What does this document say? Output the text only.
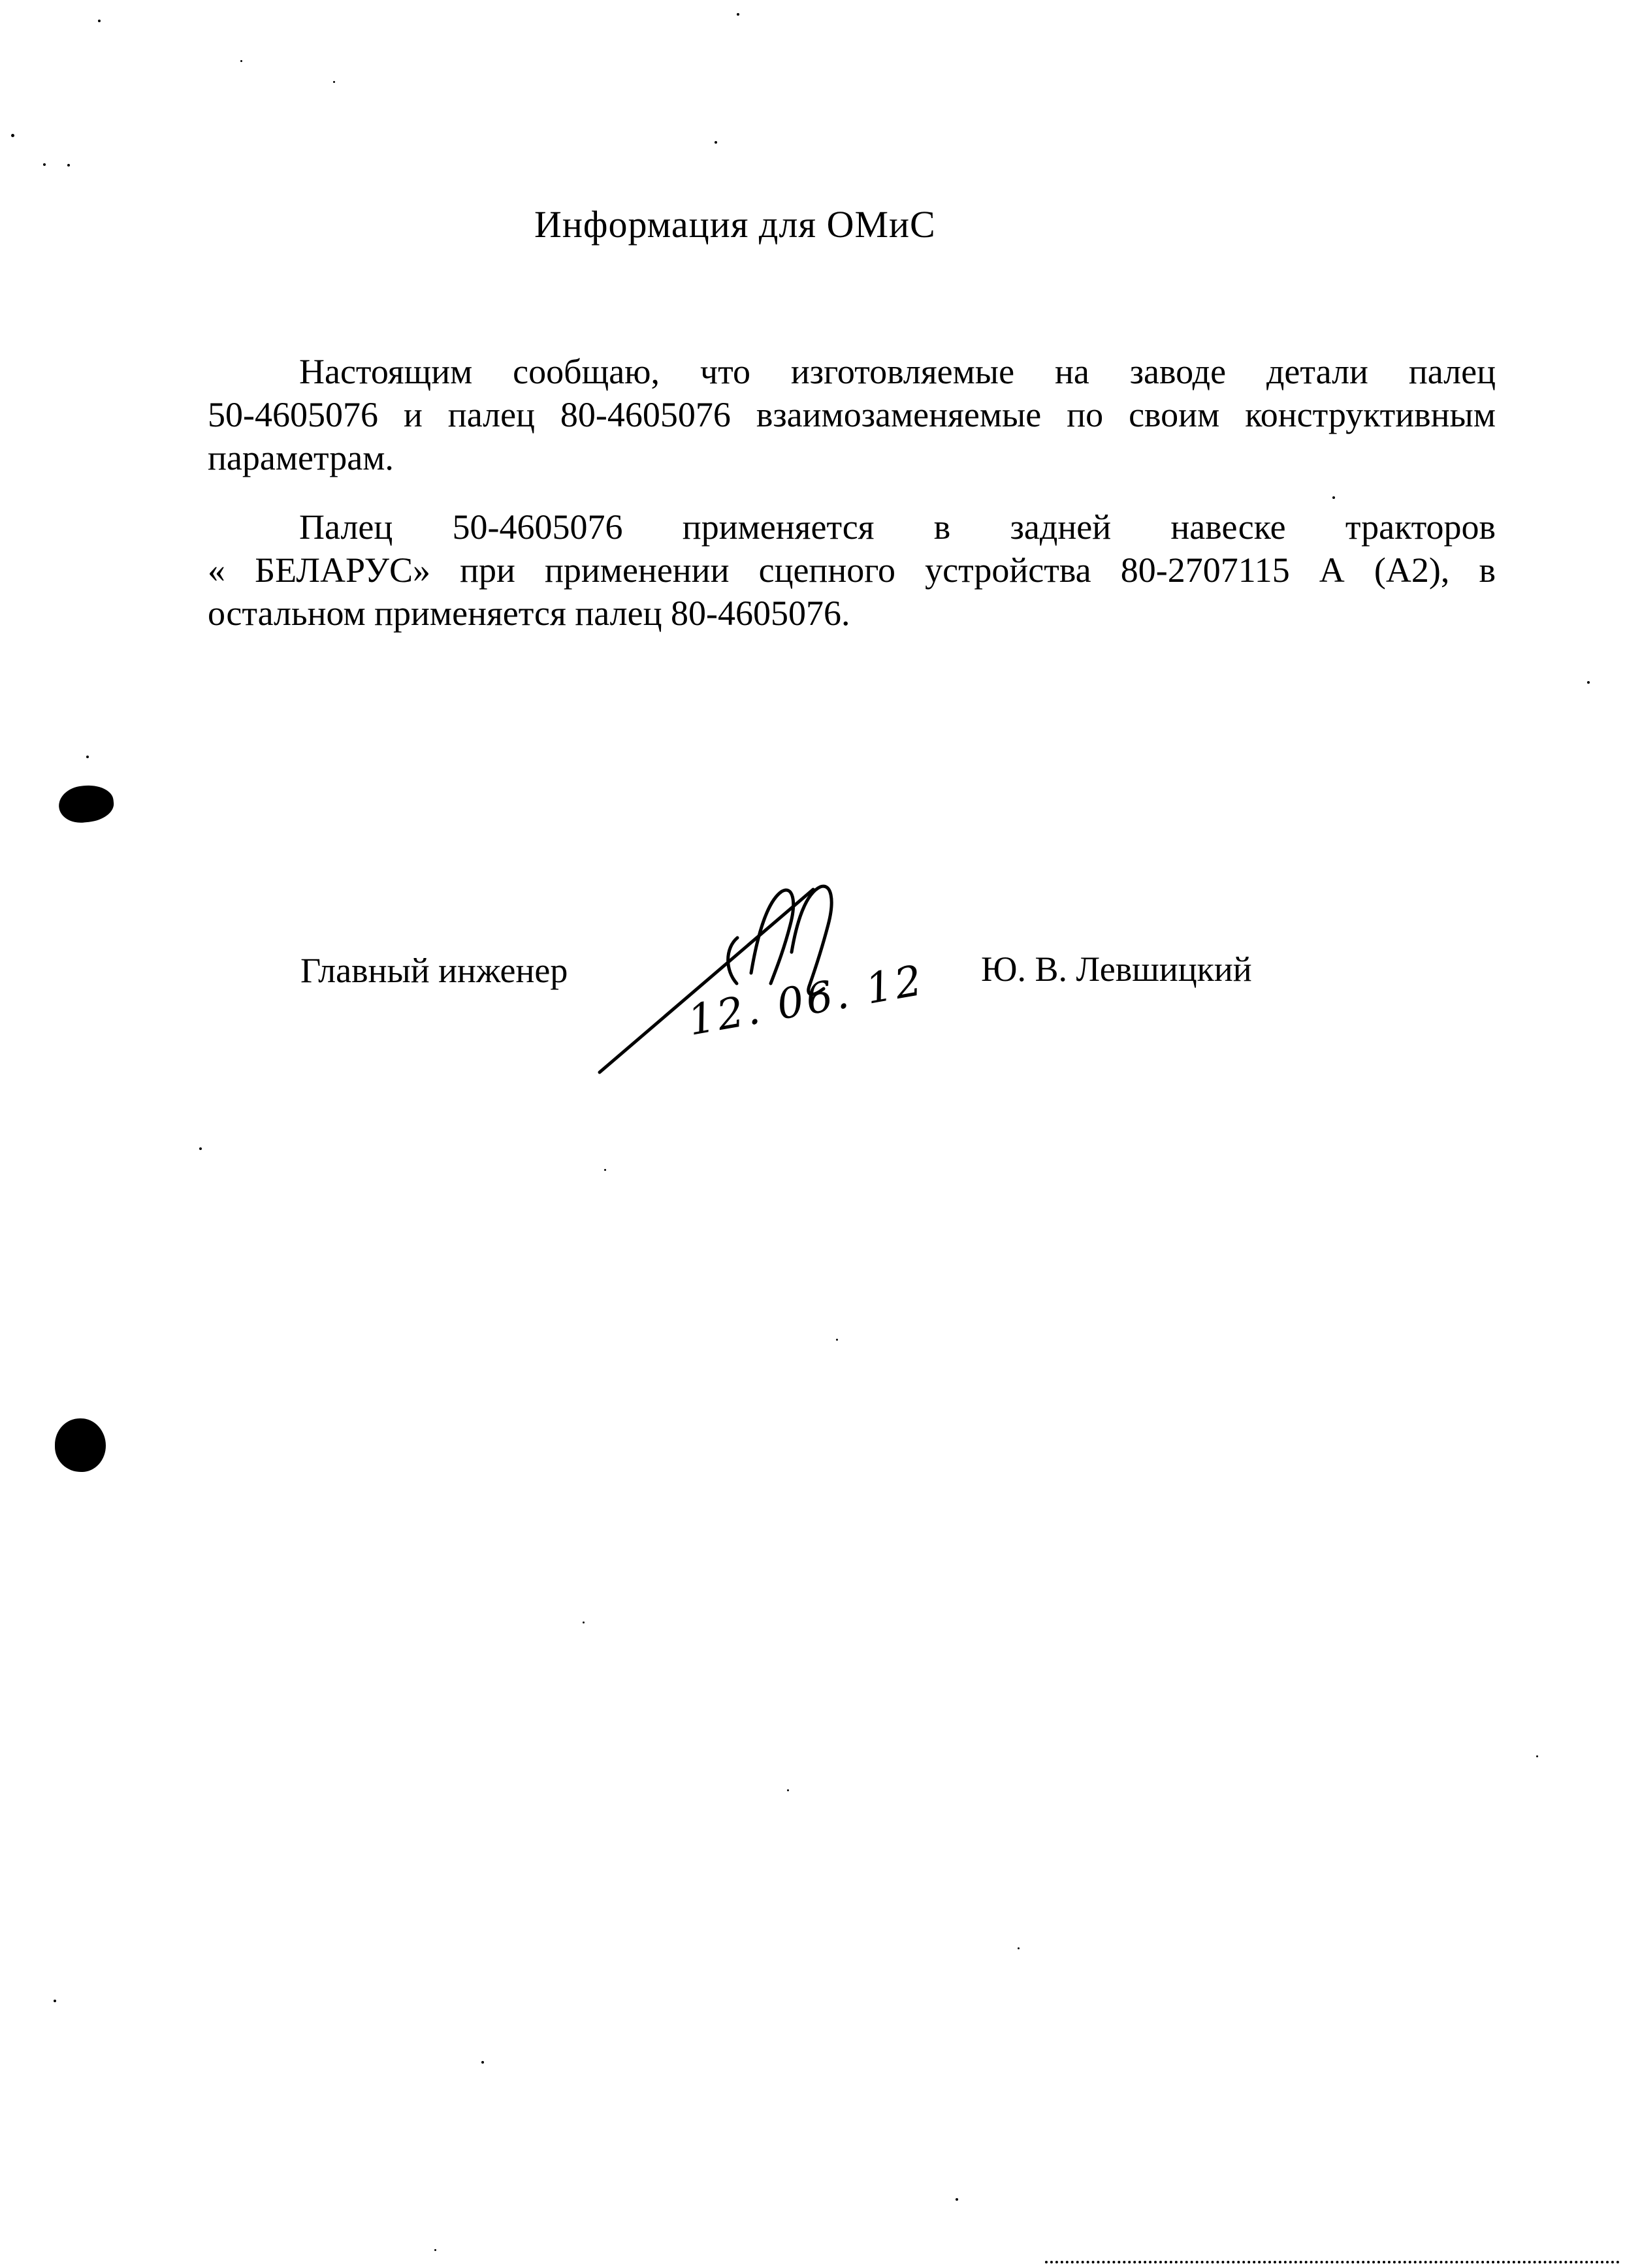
Информация для ОМиС
Настоящим сообщаю, что изготовляемые на заводе детали палец
50-4605076 и палец 80-4605076 взаимозаменяемые по своим конструктивным
параметрам.
Палец 50-4605076 применяется в задней навеске тракторов
« БЕЛАРУС» при применении сцепного устройства 80-2707115 А (А2), в
остальном применяется палец 80-4605076.
Главный инженер	Ю. В. Левшицкий
12. 06. 12
